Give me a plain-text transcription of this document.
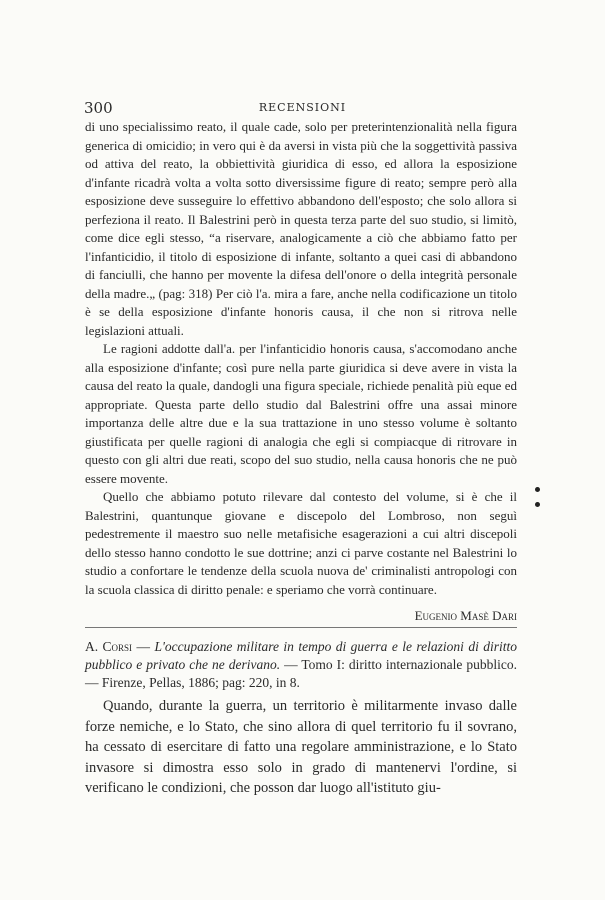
300	RECENSIONI

di uno specialissimo reato, il quale cade, solo per preterintenzionalità nella figura generica di omicidio; in vero qui è da aversi in vista più che la soggettività passiva od attiva del reato, la obbiettività giuridica di esso, ed allora la esposizione d'infante ricadrà volta a volta sotto diversissime figure di reato; sempre però alla esposizione deve susseguire lo effettivo abbandono dell'esposto; che solo allora si perfeziona il reato. Il Balestrini però in questa terza parte del suo studio, si limitò, come dice egli stesso, “a riservare, analogicamente a ciò che abbiamo fatto per l'infanticidio, il titolo di esposizione di infante, soltanto a quei casi di abbandono di fanciulli, che hanno per movente la difesa dell'onore o della integrità personale della madre.„ (pag: 318) Per ciò l'a. mira a fare, anche nella codificazione un titolo è se della esposizione d'infante honoris causa, il che non si ritrova nelle legislazioni attuali.

Le ragioni addotte dall'a. per l'infanticidio honoris causa, s'accomodano anche alla esposizione d'infante; così pure nella parte giuridica si deve avere in vista la causa del reato la quale, dandogli una figura speciale, richiede penalità più eque ed appropriate. Questa parte dello studio dal Balestrini offre una assai minore importanza delle altre due e la sua trattazione in uno stesso volume è soltanto giustificata per quelle ragioni di analogia che egli si compiacque di ritrovare in questo con gli altri due reati, scopo del suo studio, nella causa honoris che ne può essere movente.

Quello che abbiamo potuto rilevare dal contesto del volume, si è che il Balestrini, quantunque giovane e discepolo del Lombroso, non seguì pedestremente il maestro suo nelle metafisiche esagerazioni a cui altri discepoli dello stesso hanno condotto le sue dottrine; anzi ci parve costante nel Balestrini lo studio a confortare le tendenze della scuola nuova de' criminalisti antropologi con la scuola classica di diritto penale: e speriamo che vorrà continuare.

Eugenio Masè Dari
A. Corsi — L'occupazione militare in tempo di guerra e le relazioni di diritto pubblico e privato che ne derivano. — Tomo I: diritto internazionale pubblico. — Firenze, Pellas, 1886; pag: 220, in 8.

Quando, durante la guerra, un territorio è militarmente invaso dalle forze nemiche, e lo Stato, che sino allora di quel territorio fu il sovrano, ha cessato di esercitare di fatto una regolare amministrazione, e lo Stato invasore si dimostra esso solo in grado di mantenervi l'ordine, si verificano le condizioni, che posson dar luogo all'istituto giu-
